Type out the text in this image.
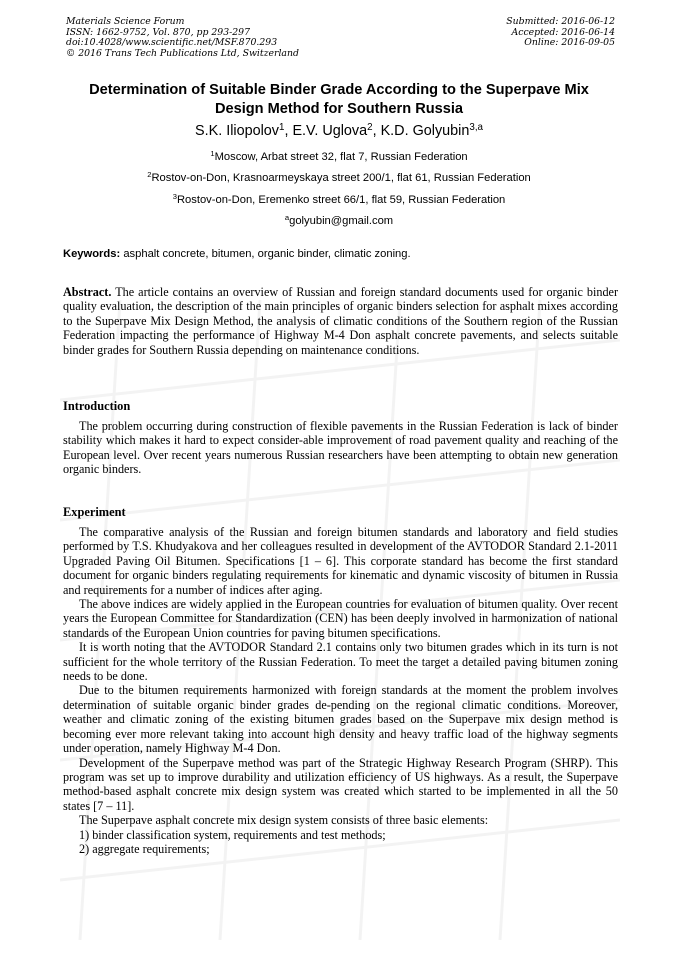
Materials Science Forum
ISSN: 1662-9752, Vol. 870, pp 293-297
doi:10.4028/www.scientific.net/MSF.870.293
© 2016 Trans Tech Publications Ltd, Switzerland
Submitted: 2016-06-12
Accepted: 2016-06-14
Online: 2016-09-05
Determination of Suitable Binder Grade According to the Superpave Mix
Design Method for Southern Russia
S.K. Iliopolov$^1$, E.V. Uglova$^2$, K.D. Golyubin$^{3,a}$
$^1$Moscow, Arbat street 32, flat 7, Russian Federation
$^2$Rostov-on-Don, Krasnoarmeyskaya street 200/1, flat 61, Russian Federation
$^3$Rostov-on-Don, Eremenko street 66/1, flat 59, Russian Federation
$^a$golyubin@gmail.com
Keywords: asphalt concrete, bitumen, organic binder, climatic zoning.
Abstract. The article contains an overview of Russian and foreign standard documents used for organic binder quality evaluation, the description of the main principles of organic binders selection for asphalt mixes according to the Superpave Mix Design Method, the analysis of climatic conditions of the Southern region of the Russian Federation impacting the performance of Highway M-4 Don asphalt concrete pavements, and selects suitable binder grades for Southern Russia depending on maintenance conditions.
Introduction

The problem occurring during construction of flexible pavements in the Russian Federation is lack of binder stability which makes it hard to expect consider-able improvement of road pavement quality and reaching of the European level. Over recent years numerous Russian researchers have been attempting to obtain new generation organic binders.

Experiment

The comparative analysis of the Russian and foreign bitumen standards and laboratory and field studies performed by T.S. Khudyakova and her colleagues resulted in development of the AVTODOR Standard 2.1-2011 Upgraded Paving Oil Bitumen. Specifications [1 – 6]. This corporate standard has become the first standard document for organic binders regulating requirements for kinematic and dynamic viscosity of bitumen in Russia and requirements for a number of indices after aging.

The above indices are widely applied in the European countries for evaluation of bitumen quality. Over recent years the European Committee for Standardization (CEN) has been deeply involved in harmonization of national standards of the European Union countries for paving bitumen specifications.

It is worth noting that the AVTODOR Standard 2.1 contains only two bitumen grades which in its turn is not sufficient for the whole territory of the Russian Federation. To meet the target a detailed paving bitumen zoning needs to be done.

Due to the bitumen requirements harmonized with foreign standards at the moment the problem involves determination of suitable organic binder grades de-pending on the regional climatic conditions. Moreover, weather and climatic zoning of the existing bitumen grades based on the Superpave mix design method is becoming ever more relevant taking into account high density and heavy traffic load of the highway segments under operation, namely Highway M-4 Don.

Development of the Superpave method was part of the Strategic Highway Research Program (SHRP). This program was set up to improve durability and utilization efficiency of US highways. As a result, the Superpave method-based asphalt concrete mix design system was created which started to be implemented in all the 50 states [7 – 11].

The Superpave asphalt concrete mix design system consists of three basic elements:

1) binder classification system, requirements and test methods;
2) aggregate requirements;
